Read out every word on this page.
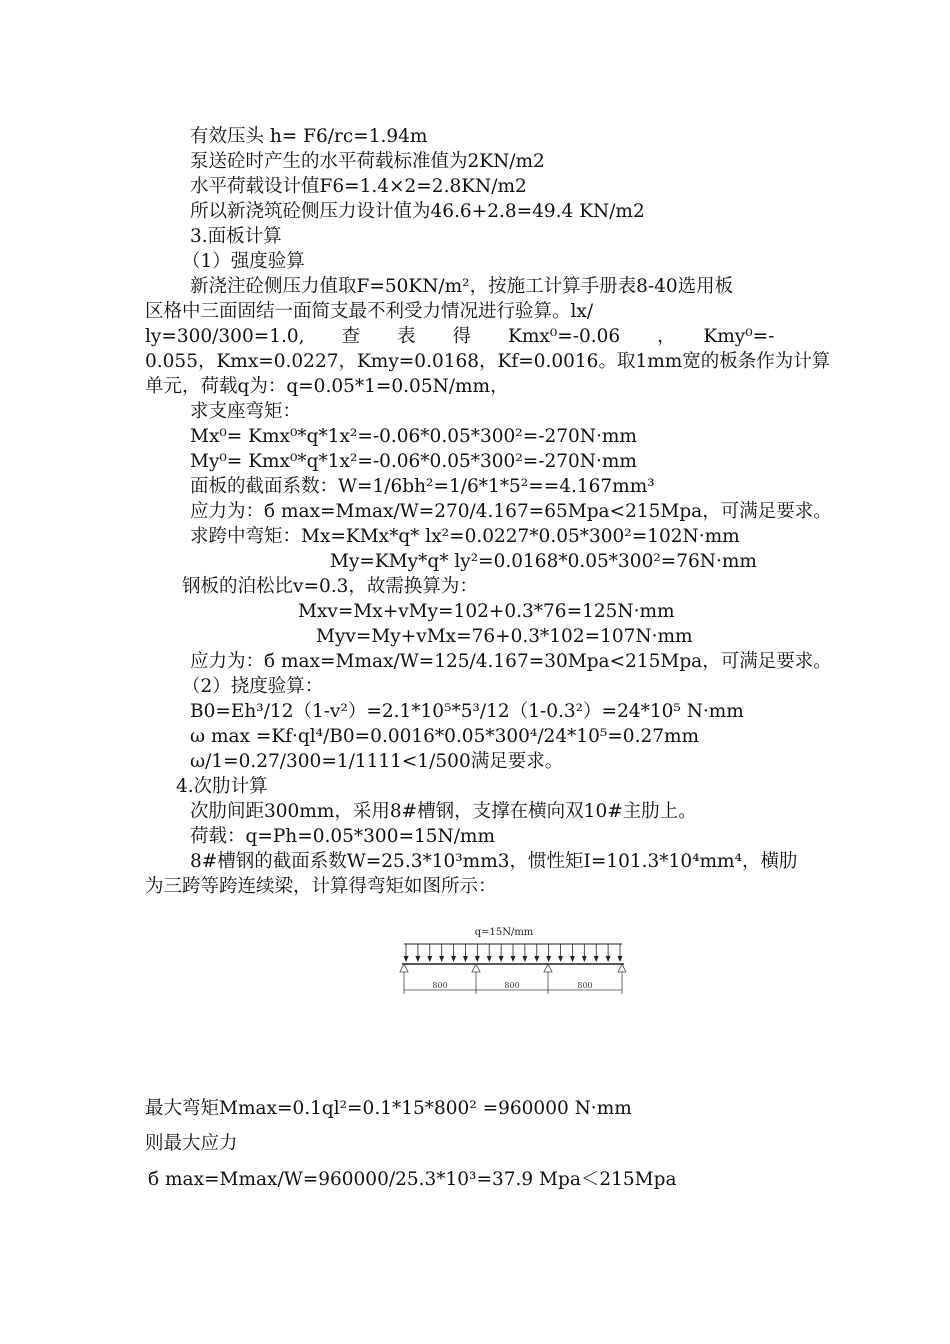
有效压头 h= F6/rc=1.94m
泵送砼时产生的水平荷载标准值为2KN/m2
水平荷载设计值F6=1.4×2=2.8KN/m2
所以新浇筑砼侧压力设计值为46.6+2.8=49.4 KN/m2
3.面板计算
（1）强度验算
新浇注砼侧压力值取F=50KN/m²，按施工计算手册表8-40选用板
区格中三面固结一面简支最不利受力情况进行验算。lx/
ly=300/300=1.0,　　查　　表　　得　　Kmx⁰=-0.06　　，　　Kmy⁰=-
0.055，Kmx=0.0227，Kmy=0.0168，Kf=0.0016。取1mm宽的板条作为计算
单元，荷载q为：q=0.05*1=0.05N/mm，
求支座弯矩：
Mx⁰= Kmx⁰*q*1x²=-0.06*0.05*300²=-270N·mm
My⁰= Kmx⁰*q*1x²=-0.06*0.05*300²=-270N·mm
面板的截面系数：W=1/6bh²=1/6*1*5²==4.167mm³
应力为：б max=Mmax/W=270/4.167=65Mpa<215Mpa，可满足要求。
求跨中弯矩：Mx=KMx*q* lx²=0.0227*0.05*300²=102N·mm
My=KMy*q* ly²=0.0168*0.05*300²=76N·mm
钢板的泊松比v=0.3，故需换算为：
Mxv=Mx+vMy=102+0.3*76=125N·mm
Myv=My+vMx=76+0.3*102=107N·mm
应力为：б max=Mmax/W=125/4.167=30Mpa<215Mpa，可满足要求。
（2）挠度验算：
B0=Eh³/12（1-v²）=2.1*10⁵*5³/12（1-0.3²）=24*10⁵ N·mm
ω max =Kf·ql⁴/B0=0.0016*0.05*300⁴/24*10⁵=0.27mm
ω/1=0.27/300=1/1111<1/500满足要求。
4.次肋计算
次肋间距300mm，采用8#槽钢，支撑在横向双10#主肋上。
荷载：q=Ph=0.05*300=15N/mm
8#槽钢的截面系数W=25.3*10³mm3，惯性矩I=101.3*10⁴mm⁴，横肋
为三跨等跨连续梁，计算得弯矩如图所示：
q=15N/mm
800	800	800
最大弯矩Mmax=0.1ql²=0.1*15*800² =960000 N·mm
则最大应力
б max=Mmax/W=960000/25.3*10³=37.9 Mpa＜215Mpa
